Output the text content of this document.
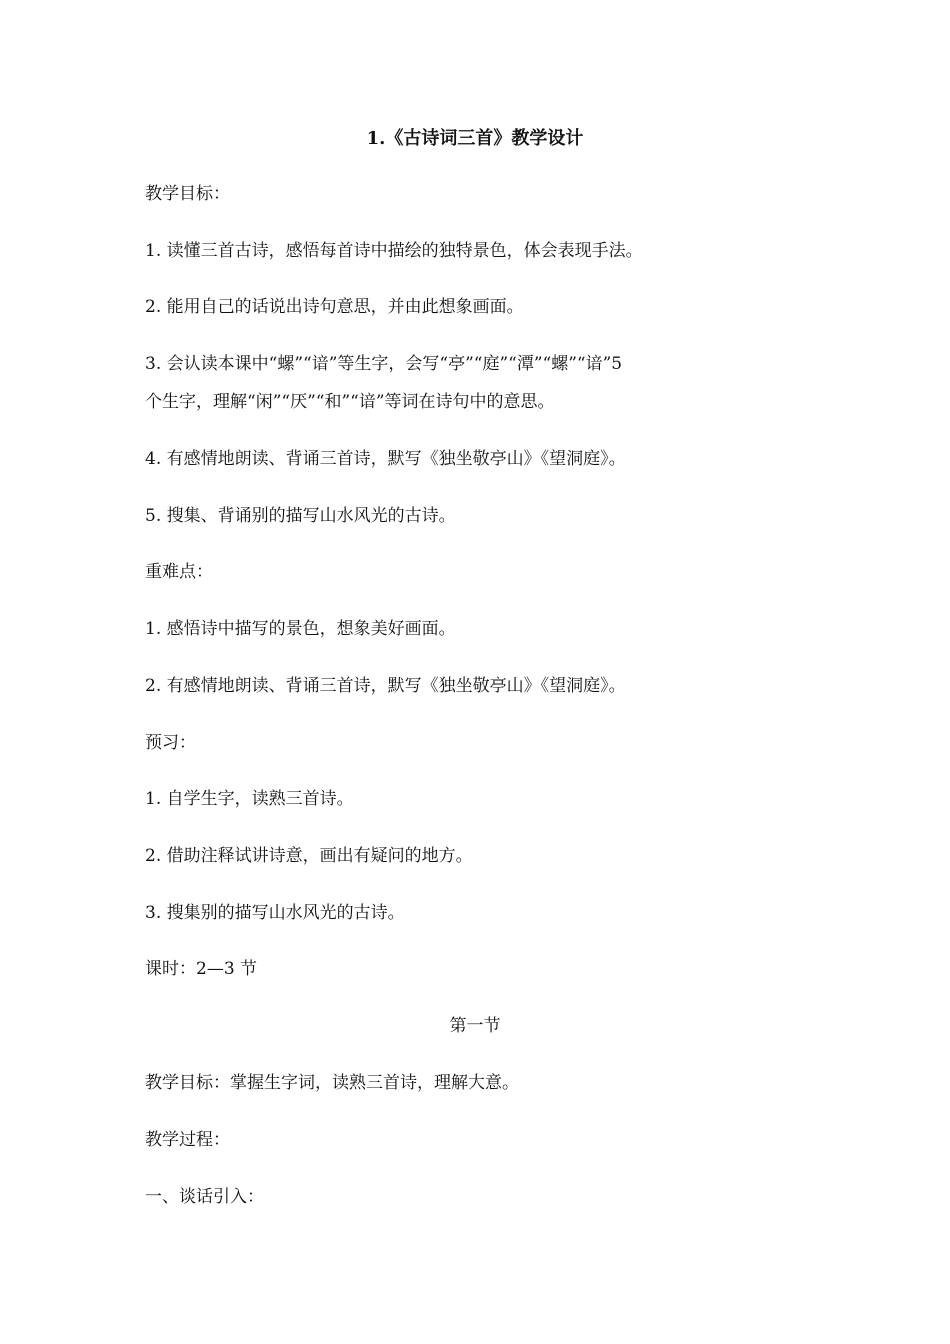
1.《古诗词三首》教学设计
教学目标：
1. 读懂三首古诗，感悟每首诗中描绘的独特景色，体会表现手法。
2. 能用自己的话说出诗句意思，并由此想象画面。
3. 会认读本课中“螺”“谙”等生字，会写“亭”“庭”“潭”“螺”“谙”5
个生字，理解“闲”“厌”“和”“谙”等词在诗句中的意思。
4. 有感情地朗读、背诵三首诗，默写《独坐敬亭山》《望洞庭》。
5. 搜集、背诵别的描写山水风光的古诗。
重难点：
1. 感悟诗中描写的景色，想象美好画面。
2. 有感情地朗读、背诵三首诗，默写《独坐敬亭山》《望洞庭》。
预习：
1. 自学生字，读熟三首诗。
2. 借助注释试讲诗意，画出有疑问的地方。
3. 搜集别的描写山水风光的古诗。
课时：2—3 节
第一节
教学目标：掌握生字词，读熟三首诗，理解大意。
教学过程：
一、谈话引入：
